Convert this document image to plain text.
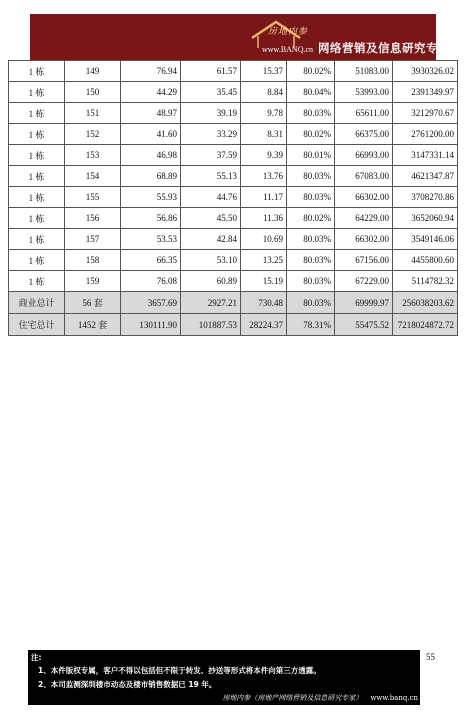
房地内参
www.BANQ.cn 网络营销及信息研究专家
1 栋	149	76.94	61.57	15.37	80.02%	51083.00	3930326.02
1 栋	150	44.29	35.45	8.84	80.04%	53993.00	2391349.97
1 栋	151	48.97	39.19	9.78	80.03%	65611.00	3212970.67
1 栋	152	41.60	33.29	8.31	80.02%	66375.00	2761200.00
1 栋	153	46.98	37.59	9.39	80.01%	66993.00	3147331.14
1 栋	154	68.89	55.13	13.76	80.03%	67083.00	4621347.87
1 栋	155	55.93	44.76	11.17	80.03%	66302.00	3708270.86
1 栋	156	56.86	45.50	11.36	80.02%	64229.00	3652060.94
1 栋	157	53.53	42.84	10.69	80.03%	66302.00	3549146.06
1 栋	158	66.35	53.10	13.25	80.03%	67156.00	4455800.60
1 栋	159	76.08	60.89	15.19	80.03%	67229.00	5114782.32
商业总计	56 套	3657.69	2927.21	730.48	80.03%	69999.97	256038203.62
住宅总计	1452 套	130111.90	101887.53	28224.37	78.31%	55475.52	7218024872.72
注:
1、本件版权专属，客户不得以包括但不限于转发、抄送等形式将本件向第三方透露。
2、本司监测深圳楼市动态及楼市销售数据已 19 年。
房地内参（房地产网络营销及信息研究专家） www.banq.cn
55
